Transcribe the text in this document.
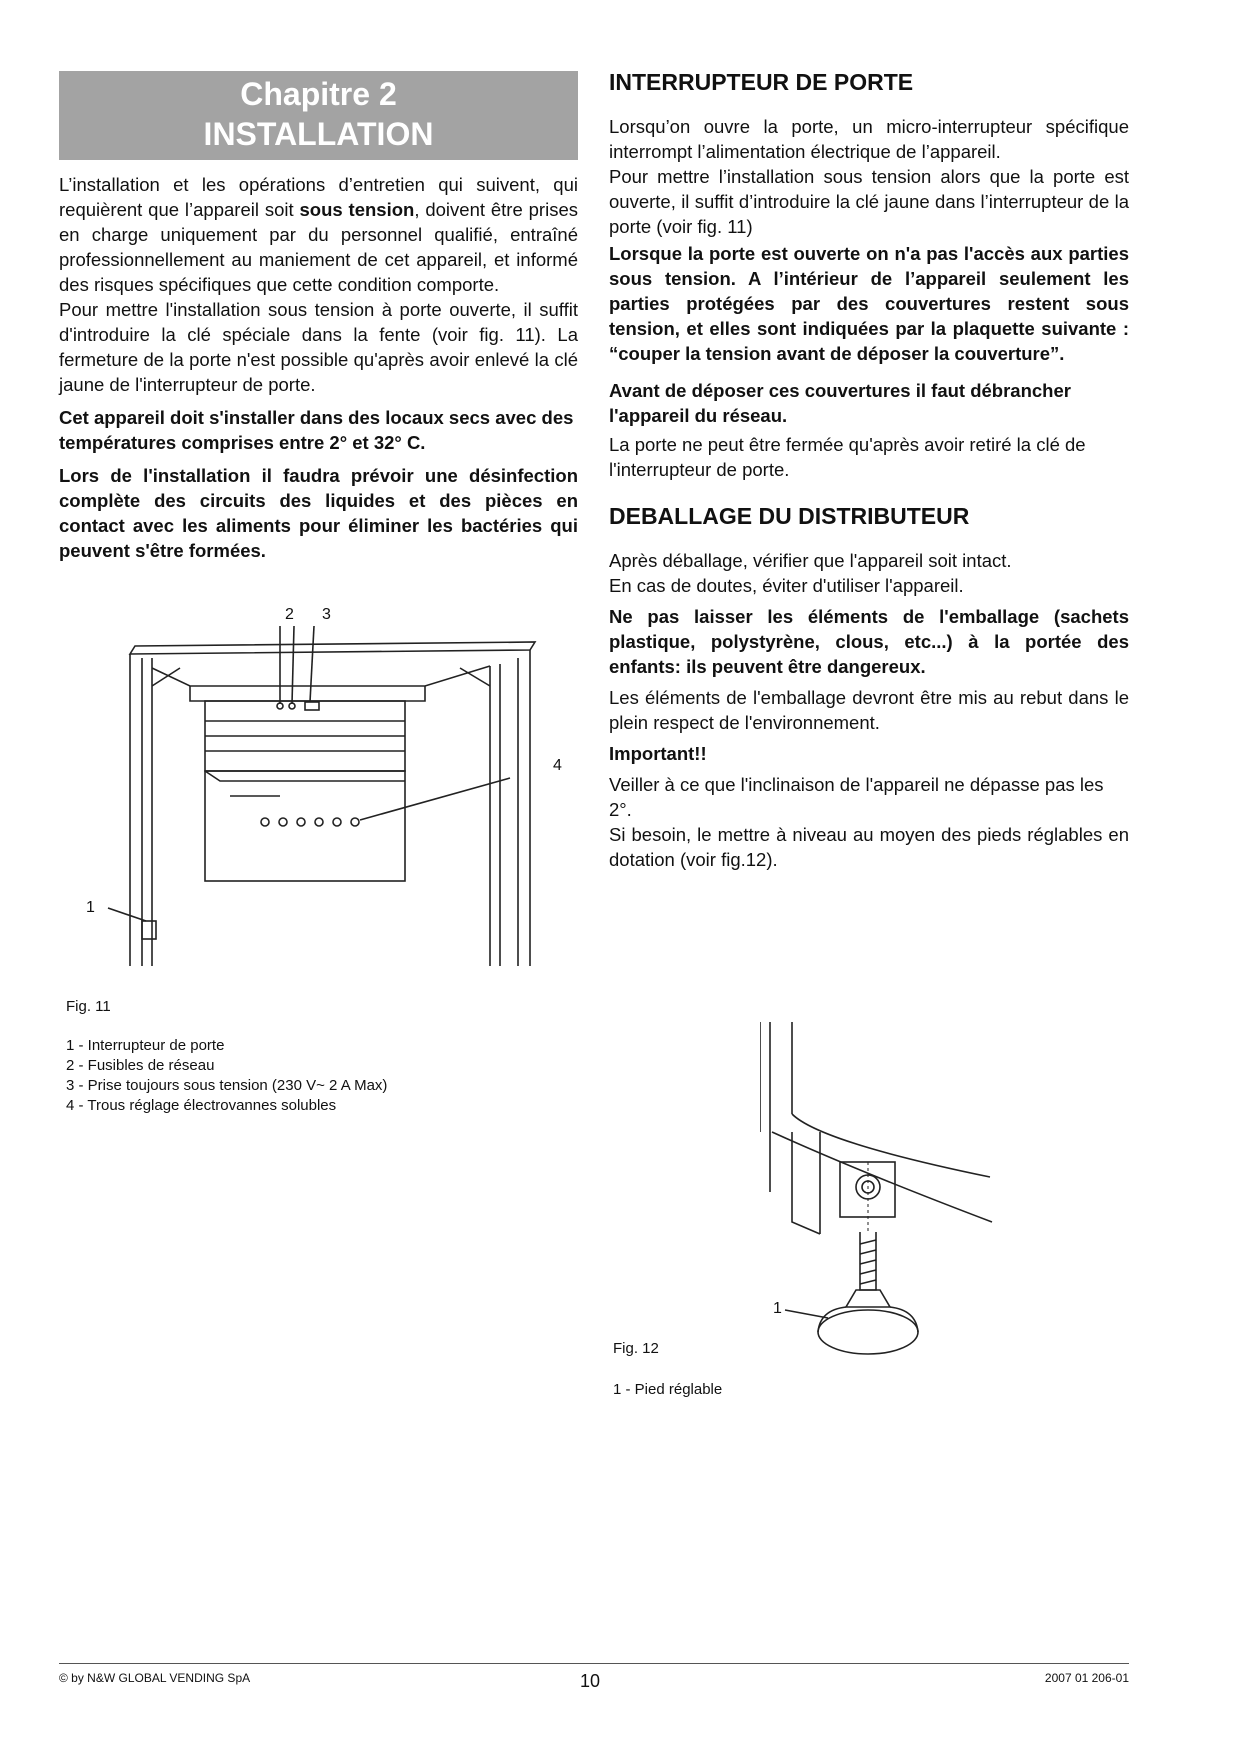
Chapitre 2
INSTALLATION

L’installation et les opérations d’entretien qui suivent, qui requièrent que l’appareil soit sous tension, doivent être prises en charge uniquement par du personnel qualifié, entraîné professionnellement au maniement de cet appareil, et informé des risques spécifiques que cette condition comporte.

Pour mettre l'installation sous tension à porte ouverte, il suffit d'introduire la clé spéciale dans la fente (voir fig. 11). La fermeture de la porte n'est possible qu'après avoir enlevé la clé jaune de l'interrupteur de porte.

Cet appareil doit s'installer dans des locaux secs avec des températures comprises entre 2° et 32° C.

Lors de l'installation il faudra prévoir une désinfection complète des circuits des liquides et des pièces en contact avec les aliments pour éliminer les bactéries qui peuvent s'être formées.

2 3
4
1
Fig. 11
1 - Interrupteur de porte
2 - Fusibles de réseau
3 - Prise toujours sous tension (230 V~ 2 A Max)
4 - Trous réglage électrovannes solubles
INTERRUPTEUR DE PORTE

Lorsqu’on ouvre la porte, un micro-interrupteur spécifique interrompt l’alimentation électrique de l’appareil.

Pour mettre l’installation sous tension alors que la porte est ouverte, il suffit d’introduire la clé jaune dans l’interrupteur de la porte (voir fig. 11)

Lorsque la porte est ouverte on n'a pas l'accès aux parties sous tension. A l’intérieur de l’appareil seulement les parties protégées par des couvertures restent sous tension, et elles sont indiquées par la plaquette suivante : “couper la tension avant de déposer la couverture”.

Avant de déposer ces couvertures il faut débrancher l'appareil du réseau.

La porte ne peut être fermée qu'après avoir retiré la clé de l'interrupteur de porte.

DEBALLAGE DU DISTRIBUTEUR

Après déballage, vérifier que l'appareil soit intact.

En cas de doutes, éviter d'utiliser l'appareil.

Ne pas laisser les éléments de l'emballage (sachets plastique, polystyrène, clous, etc...) à la portée des enfants: ils peuvent être dangereux.

Les éléments de l'emballage devront être mis au rebut dans le plein respect de l'environnement.

Important!!

Veiller à ce que l'inclinaison de l'appareil ne dépasse pas les 2°.

Si besoin, le mettre à niveau au moyen des pieds réglables en dotation (voir fig.12).

1
Fig. 12
1 - Pied réglable
© by N&W GLOBAL VENDING SpA	10	2007 01 206-01
